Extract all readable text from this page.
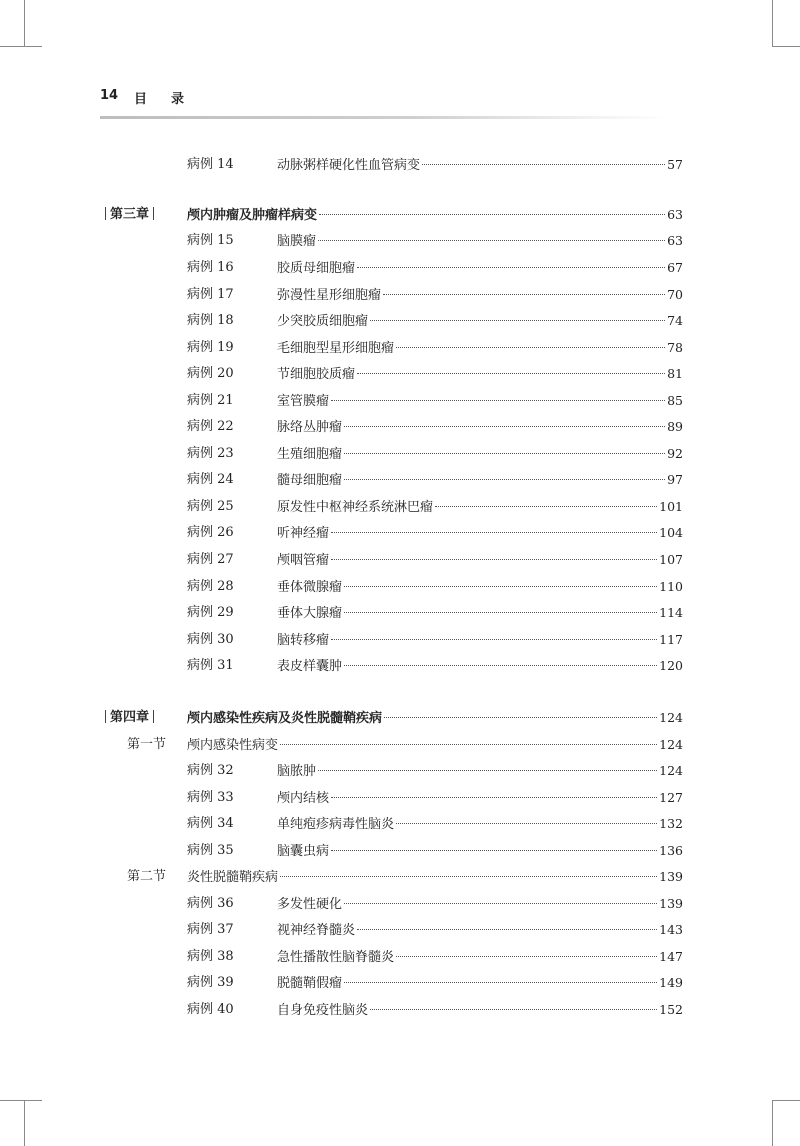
14 目录
病例 14	动脉粥样硬化性血管病变	57
第三章	颅内肿瘤及肿瘤样病变	63
病例 15	脑膜瘤	63
病例 16	胶质母细胞瘤	67
病例 17	弥漫性星形细胞瘤	70
病例 18	少突胶质细胞瘤	74
病例 19	毛细胞型星形细胞瘤	78
病例 20	节细胞胶质瘤	81
病例 21	室管膜瘤	85
病例 22	脉络丛肿瘤	89
病例 23	生殖细胞瘤	92
病例 24	髓母细胞瘤	97
病例 25	原发性中枢神经系统淋巴瘤	101
病例 26	听神经瘤	104
病例 27	颅咽管瘤	107
病例 28	垂体微腺瘤	110
病例 29	垂体大腺瘤	114
病例 30	脑转移瘤	117
病例 31	表皮样囊肿	120
第四章	颅内感染性疾病及炎性脱髓鞘疾病	124
第一节 颅内感染性病变	124
病例 32	脑脓肿	124
病例 33	颅内结核	127
病例 34	单纯疱疹病毒性脑炎	132
病例 35	脑囊虫病	136
第二节 炎性脱髓鞘疾病	139
病例 36	多发性硬化	139
病例 37	视神经脊髓炎	143
病例 38	急性播散性脑脊髓炎	147
病例 39	脱髓鞘假瘤	149
病例 40	自身免疫性脑炎	152
